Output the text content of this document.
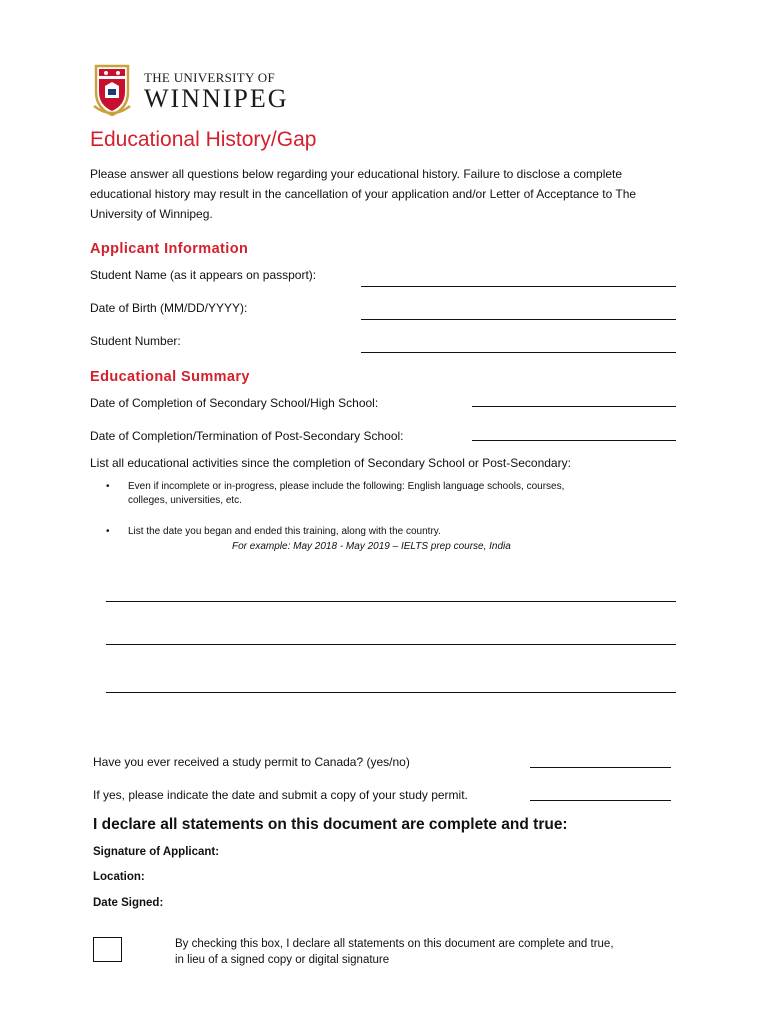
THE UNIVERSITY OF
WINNIPEG
Educational History/Gap
Please answer all questions below regarding your educational history. Failure to disclose a complete educational history may result in the cancellation of your application and/or Letter of Acceptance to The University of Winnipeg.
Applicant Information
Student Name (as it appears on passport):
Date of Birth (MM/DD/YYYY):
Student Number:
Educational Summary
Date of Completion of Secondary School/High School:
Date of Completion/Termination of Post-Secondary School:
List all educational activities since the completion of Secondary School or Post-Secondary:
• Even if incomplete or in-progress, please include the following: English language schools, courses, colleges, universities, etc.
• List the date you began and ended this training, along with the country.
For example: May 2018 - May 2019 – IELTS prep course, India
Have you ever received a study permit to Canada? (yes/no)
If yes, please indicate the date and submit a copy of your study permit.
I declare all statements on this document are complete and true:
Signature of Applicant:
Location:
Date Signed:
By checking this box, I declare all statements on this document are complete and true, in lieu of a signed copy or digital signature
